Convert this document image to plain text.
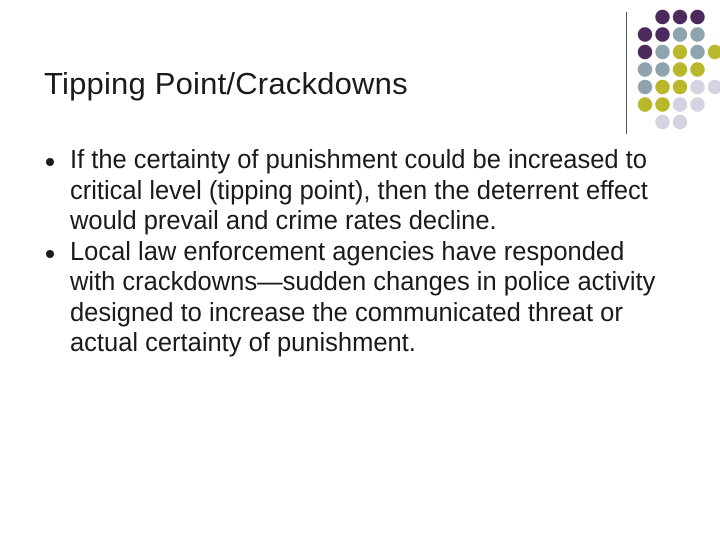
Tipping Point/Crackdowns
If the certainty of punishment could be increased to critical level (tipping point), then the deterrent effect would prevail and crime rates decline.
Local law enforcement agencies have responded with crackdowns—sudden changes in police activity designed to increase the communicated threat or actual certainty of punishment.
